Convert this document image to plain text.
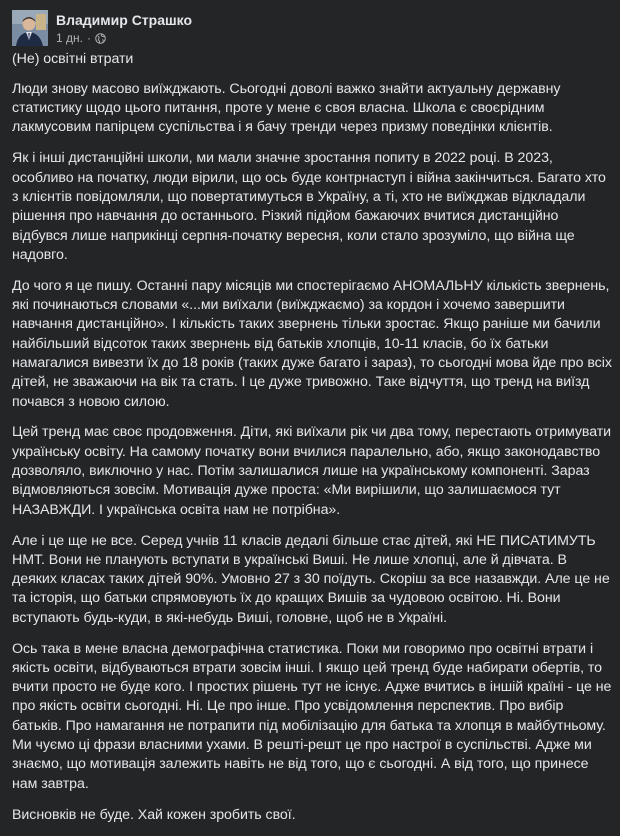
Владимир Страшко
1 дн. ·

(Не) освітні втрати

Люди знову масово виїжджають. Сьогодні доволі важко знайти актуальну державну статистику щодо цього питання, проте у мене є своя власна. Школа є своєрідним лакмусовим папірцем суспільства і я бачу тренди через призму поведінки клієнтів.

Як і інші дистанційні школи, ми мали значне зростання попиту в 2022 році. В 2023, особливо на початку, люди вірили, що ось буде контрнаступ і війна закінчиться. Багато хто з клієнтів повідомляли, що повертатимуться в Україну, а ті, хто не виїжджав відкладали рішення про навчання до останнього. Різкий підйом бажаючих вчитися дистанційно відбувся лише наприкінці серпня-початку вересня, коли стало зрозуміло, що війна ще надовго.

До чого я це пишу. Останні пару місяців ми спостерігаємо АНОМАЛЬНУ кількість звернень, які починаються словами «...ми виїхали (виїжджаємо) за кордон і хочемо завершити навчання дистанційно». І кількість таких звернень тільки зростає. Якщо раніше ми бачили найбільший відсоток таких звернень від батьків хлопців, 10-11 класів, бо їх батьки намагалися вивезти їх до 18 років (таких дуже багато і зараз), то сьогодні мова йде про всіх дітей, не зважаючи на вік та стать. І це дуже тривожно. Таке відчуття, що тренд на виїзд почався з новою силою.

Цей тренд має своє продовження. Діти, які виїхали рік чи два тому, перестають отримувати українську освіту. На самому початку вони вчилися паралельно, або, якщо законодавство дозволяло, виключно у нас. Потім залишалися лише на українському компоненті. Зараз відмовляються зовсім. Мотивація дуже проста: «Ми вирішили, що залишаємося тут НАЗАВЖДИ. І українська освіта нам не потрібна».

Але і це ще не все. Серед учнів 11 класів дедалі більше стає дітей, які НЕ ПИСАТИМУТЬ НМТ. Вони не планують вступати в українські Виші. Не лише хлопці, але й дівчата. В деяких класах таких дітей 90%. Умовно 27 з 30 поїдуть. Скоріш за все назавжди. Але це не та історія, що батьки спрямовують їх до кращих Вишів за чудовою освітою. Ні. Вони вступають будь-куди, в які-небудь Виші, головне, щоб не в Україні.

Ось така в мене власна демографічна статистика. Поки ми говоримо про освітні втрати і якість освіти, відбуваються втрати зовсім інші. І якщо цей тренд буде набирати обертів, то вчити просто не буде кого. І простих рішень тут не існує. Адже вчитись в іншій країні - це не про якість освіти сьогодні. Ні. Це про інше. Про усвідомлення перспектив. Про вибір батьків. Про намагання не потрапити під мобілізацію для батька та хлопця в майбутньому. Ми чуємо ці фрази власними ухами. В решті-решт це про настрої в суспільстві. Адже ми знаємо, що мотивація залежить навіть не від того, що є сьогодні. А від того, що принесе нам завтра.

Висновків не буде. Хай кожен зробить свої.
